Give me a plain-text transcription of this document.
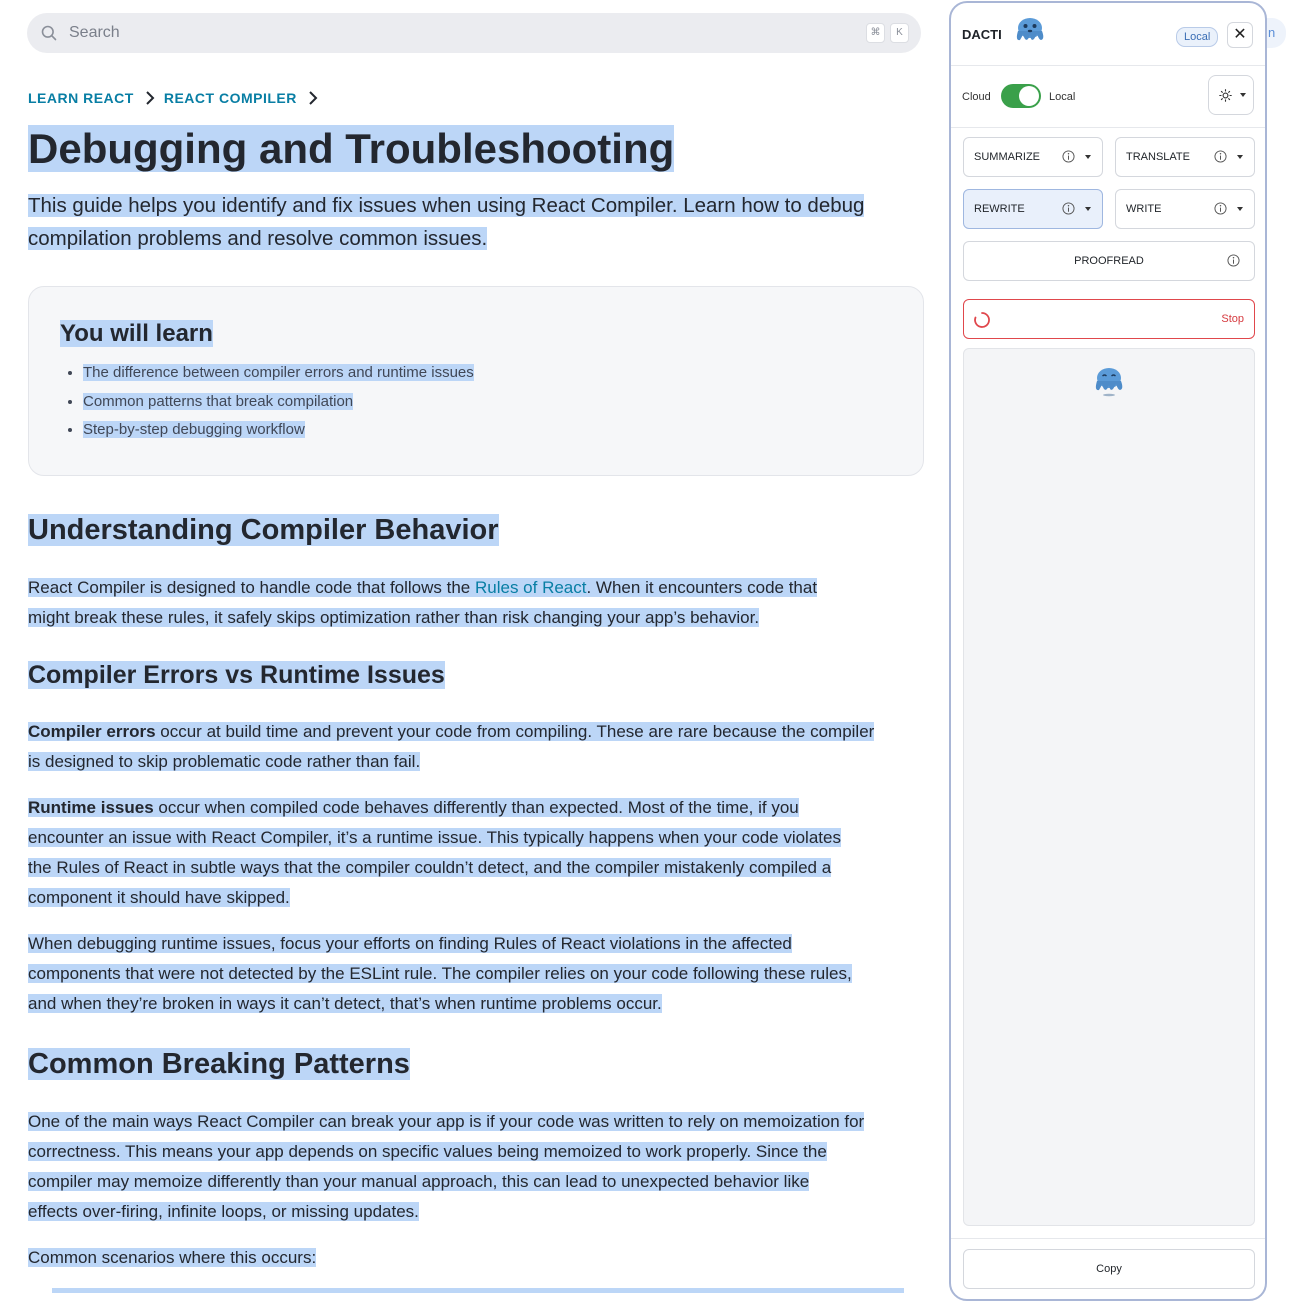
Search	⌘	K
LEARN REACT REACT COMPILER
Debugging and Troubleshooting
This guide helps you identify and fix issues when using React Compiler. Learn how to debug
compilation problems and resolve common issues.
You will learn
• The difference between compiler errors and runtime issues
• Common patterns that break compilation
• Step-by-step debugging workflow
Understanding Compiler Behavior
React Compiler is designed to handle code that follows the Rules of React. When it encounters code that
might break these rules, it safely skips optimization rather than risk changing your app’s behavior.
Compiler Errors vs Runtime Issues
Compiler errors occur at build time and prevent your code from compiling. These are rare because the compiler
is designed to skip problematic code rather than fail.
Runtime issues occur when compiled code behaves differently than expected. Most of the time, if you
encounter an issue with React Compiler, it’s a runtime issue. This typically happens when your code violates
the Rules of React in subtle ways that the compiler couldn’t detect, and the compiler mistakenly compiled a
component it should have skipped.
When debugging runtime issues, focus your efforts on finding Rules of React violations in the affected
components that were not detected by the ESLint rule. The compiler relies on your code following these rules,
and when they’re broken in ways it can’t detect, that’s when runtime problems occur.
Common Breaking Patterns
One of the main ways React Compiler can break your app is if your code was written to rely on memoization for
correctness. This means your app depends on specific values being memoized to work properly. Since the
compiler may memoize differently than your manual approach, this can lead to unexpected behavior like
effects over-firing, infinite loops, or missing updates.
Common scenarios where this occurs:
n
DACTI	Local	✕
Cloud	Local
SUMMARIZE	TRANSLATE
REWRITE	WRITE
PROOFREAD
Stop
Copy
